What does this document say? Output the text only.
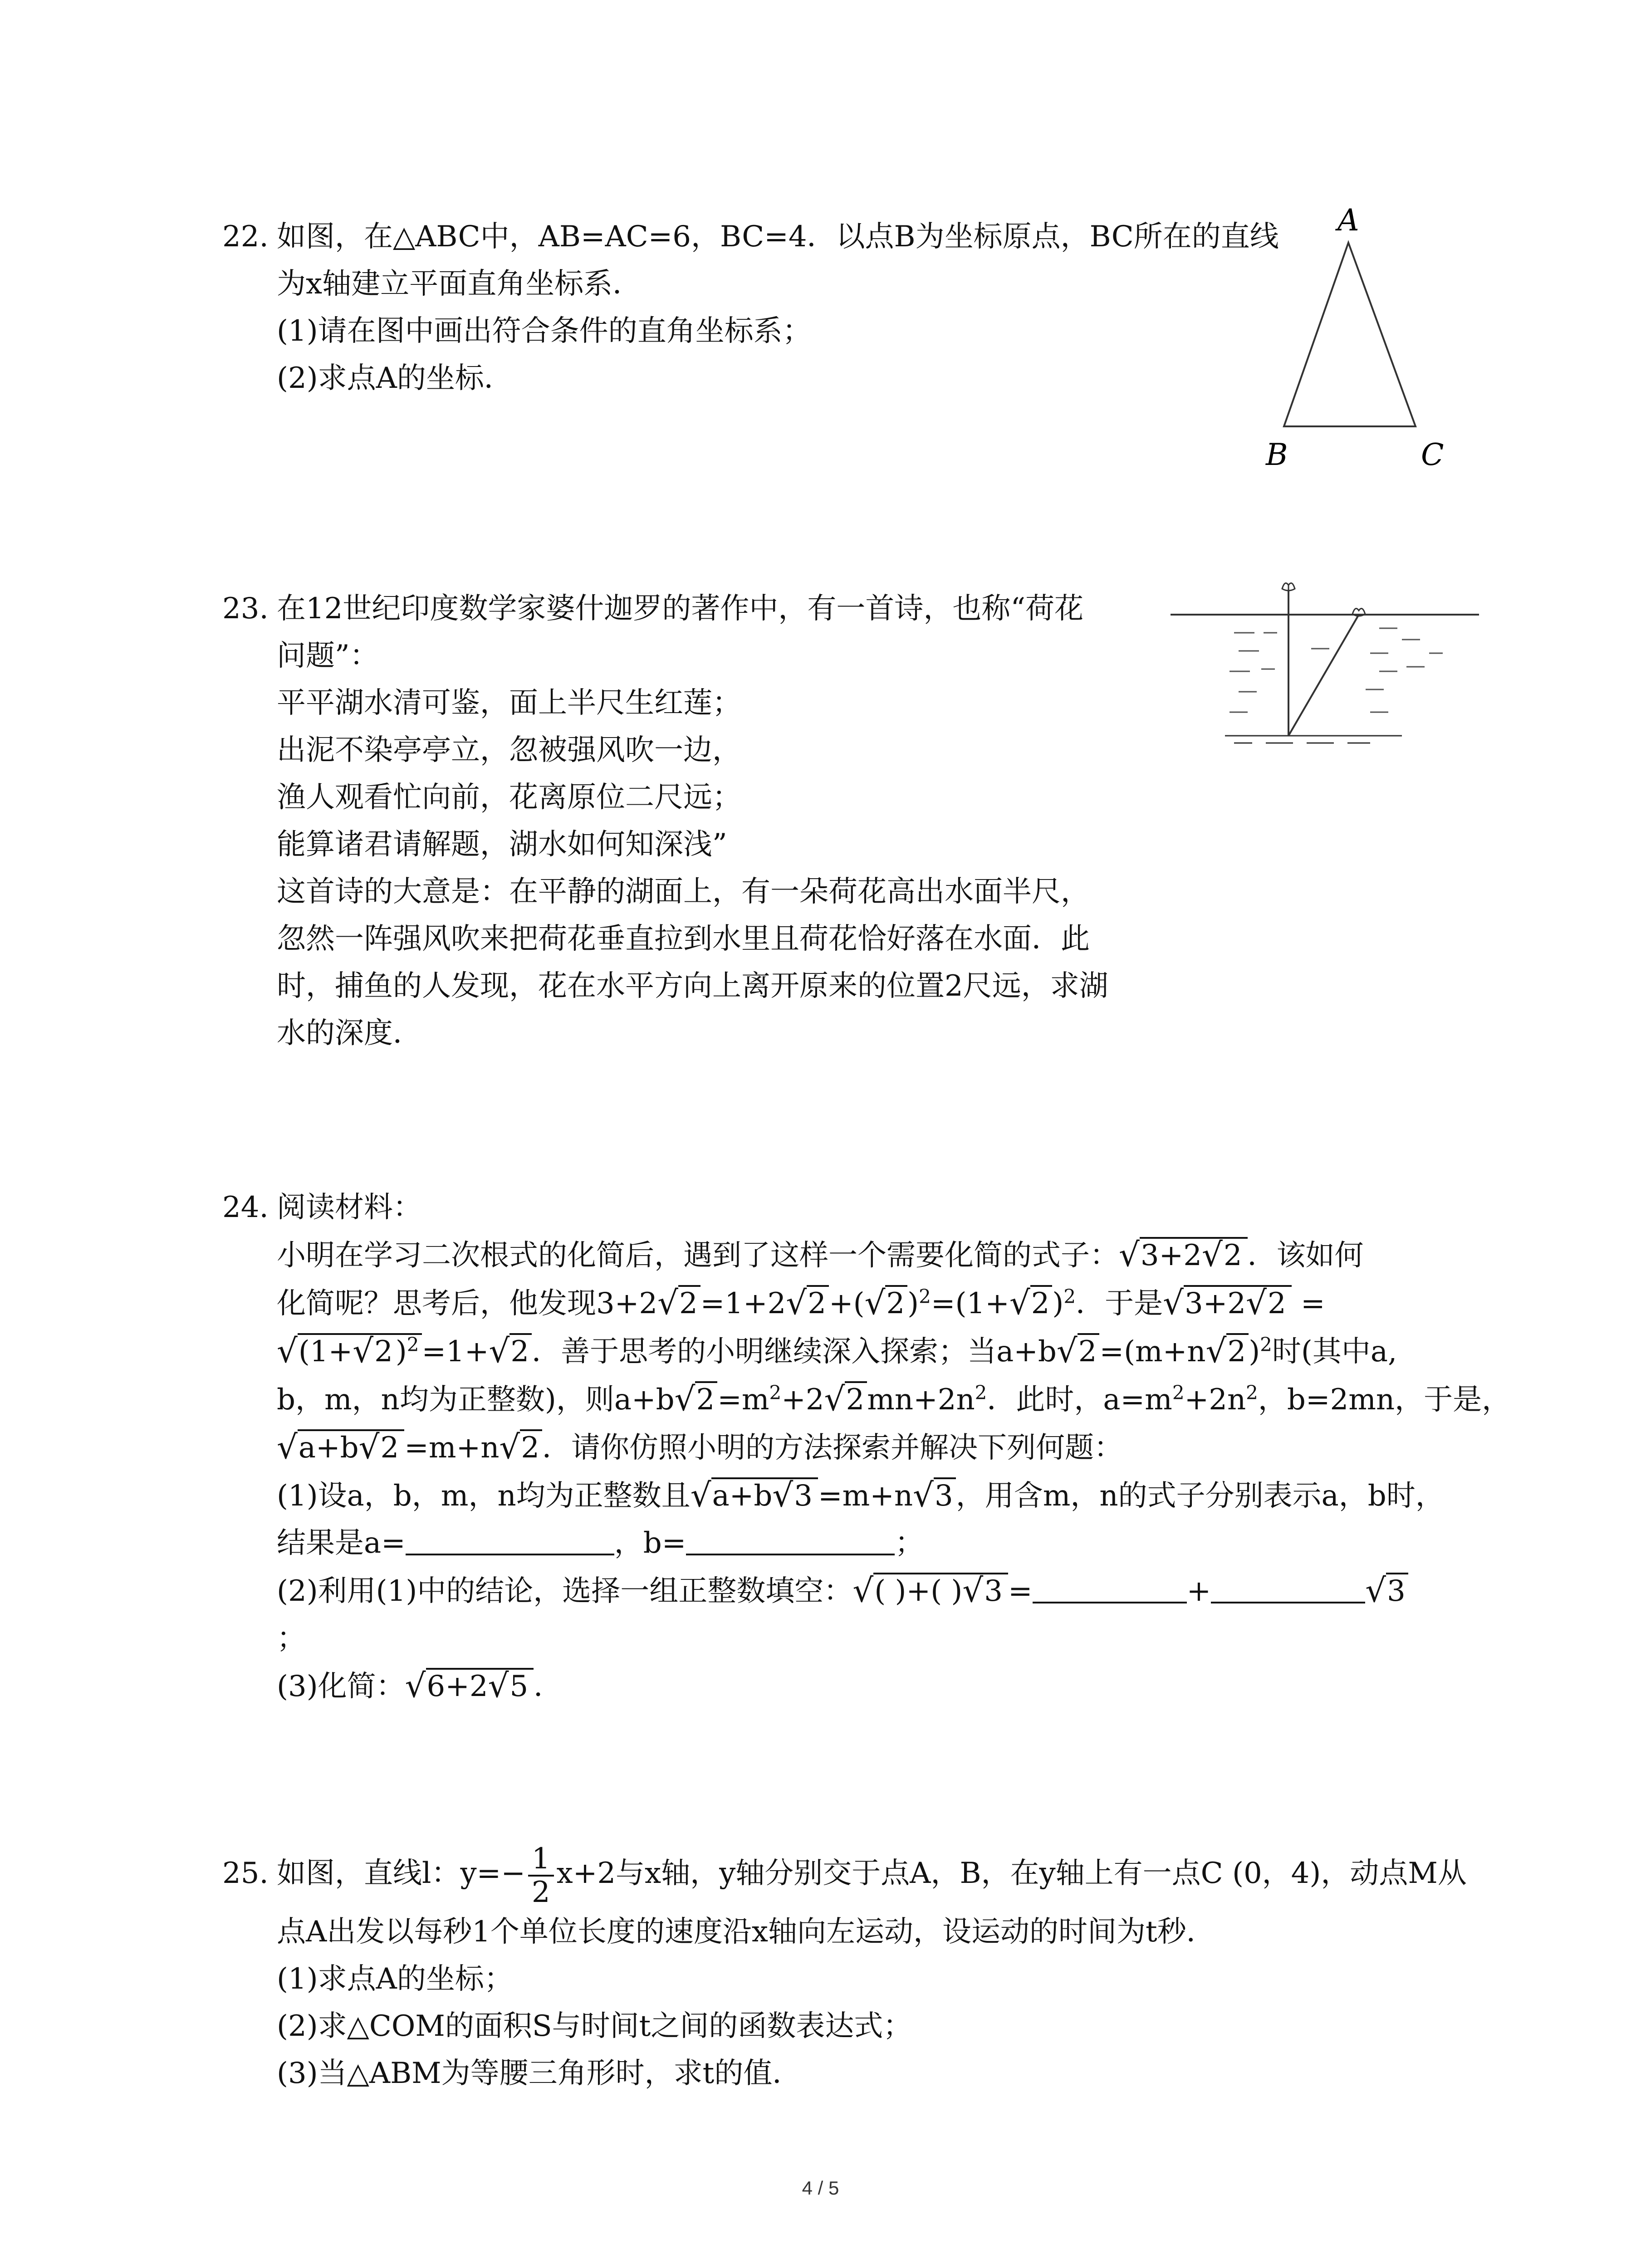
22. 如图，在△ABC中，AB=AC=6，BC=4．以点B为坐标原点，BC所在的直线

为x轴建立平面直角坐标系．

(1)请在图中画出符合条件的直角坐标系；

(2)求点A的坐标．

A
B	C

23. 在12世纪印度数学家婆什迦罗的著作中，有一首诗，也称“荷花

问题”：

平平湖水清可鉴，面上半尺生红莲；

出泥不染亭亭立，忽被强风吹一边，

渔人观看忙向前，花离原位二尺远；

能算诸君请解题，湖水如何知深浅”

这首诗的大意是：在平静的湖面上，有一朵荷花高出水面半尺，

忽然一阵强风吹来把荷花垂直拉到水里且荷花恰好落在水面．此

时，捕鱼的人发现，花在水平方向上离开原来的位置2尺远，求湖

水的深度．

24. 阅读材料：

小明在学习二次根式的化简后，遇到了这样一个需要化简的式子：√3+2√2 ．该如何

化简呢？思考后，他发现$3+2√2=1+2√2+(√2)^2=(1+√2)^2$．于是√3+2√2 =

$√(1+√2)^2=1+√2$．善于思考的小明继续深入探索；当$a+b√2=(m+n√2)^2$时(其中a,

b，m，n均为正整数)，则$a+b√2=m^2+2√2mn+2n^2$．此时，$a=m^2+2n^2$，b=2mn，于是，

√a+b√2 =m+n√2．请你仿照小明的方法探索并解决下列何题：

(1)设a，b，m，n均为正整数且√a+b√3 =m+n√3，用含m，n的式子分别表示a，b时，

结果是a=	，b=	；

(2)利用(1)中的结论，选择一组正整数填空：√( )+( )√3 =	+	√3

；

(3)化简：√6+2√5 ．

25. 如图，直线l：$y=- \frac{1}{2} x+2$与x轴，y轴分别交于点A，B，在y轴上有一点C (0，4)，动点M从

点A出发以每秒1个单位长度的速度沿x轴向左运动，设运动的时间为t秒．

(1)求点A的坐标；

(2)求△COM的面积S与时间t之间的函数表达式；

(3)当△ABM为等腰三角形时，求t的值．

4 / 5
